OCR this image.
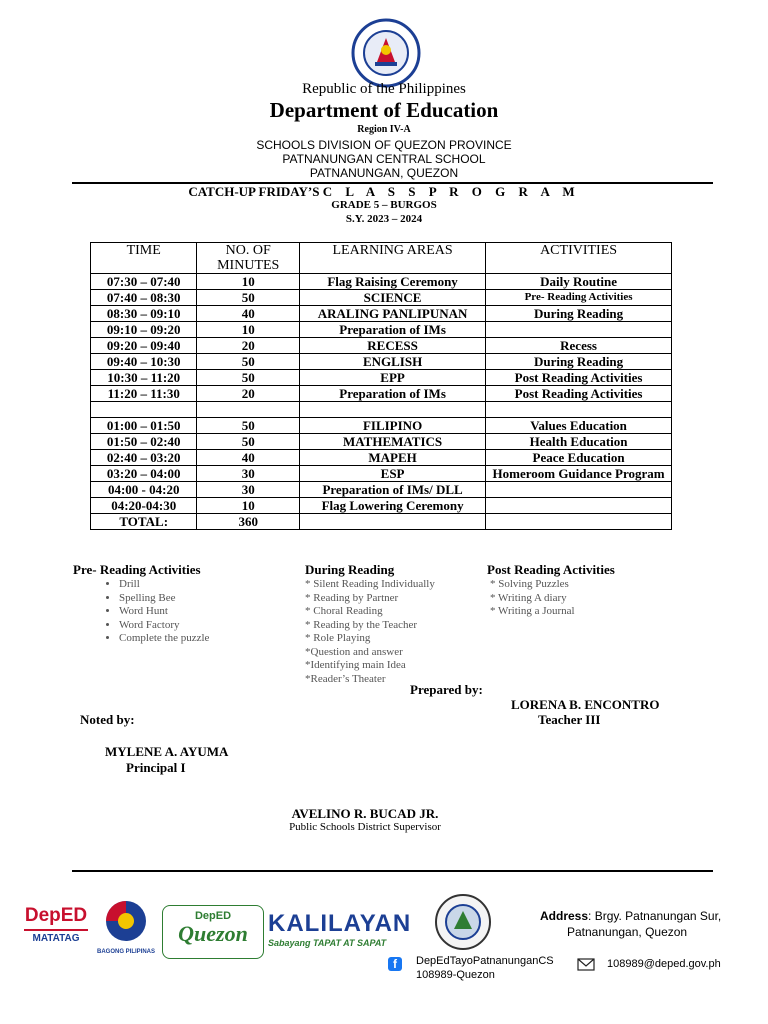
Republic of the Philippines
Department of Education
Region IV-A
SCHOOLS DIVISION OF QUEZON PROVINCE
PATNANUNGAN CENTRAL SCHOOL
PATNANUNGAN, QUEZON
CATCH-UP FRIDAY’S C L A S S P R O G R A M
GRADE 5 – BURGOS
S.Y. 2023 – 2024
TIME	NO. OF MINUTES	LEARNING AREAS	ACTIVITIES
07:30 – 07:40	10	Flag Raising Ceremony	Daily Routine
07:40 – 08:30	50	SCIENCE	Pre- Reading Activities
08:30 – 09:10	40	ARALING PANLIPUNAN	During Reading
09:10 – 09:20	10	Preparation of IMs	
09:20 – 09:40	20	RECESS	Recess
09:40 – 10:30	50	ENGLISH	During Reading
10:30 – 11:20	50	EPP	Post Reading Activities
11:20 – 11:30	20	Preparation of IMs	Post Reading Activities

01:00 – 01:50	50	FILIPINO	Values Education
01:50 – 02:40	50	MATHEMATICS	Health Education
02:40 – 03:20	40	MAPEH	Peace Education
03:20 – 04:00	30	ESP	Homeroom Guidance Program
04:00 - 04:20	30	Preparation of IMs/ DLL	
04:20-04:30	10	Flag Lowering Ceremony	
TOTAL:	360		
Pre- Reading Activities
• Drill
• Spelling Bee
• Word Hunt
• Word Factory
• Complete the puzzle
During Reading
* Silent Reading Individually
* Reading by Partner
* Choral Reading
* Reading by the Teacher
* Role Playing
*Question and answer
*Identifying main Idea
*Reader’s Theater
Post Reading Activities
* Solving Puzzles
* Writing A diary
* Writing a Journal
Prepared by:
LORENA B. ENCONTRO
Teacher III
Noted by:
MYLENE A. AYUMA
Principal I
AVELINO R. BUCAD JR.
Public Schools District Supervisor
DepED
MATATAG
BAGONG PILIPINAS
DepED
Quezon KALILAYAN
Sabayang TAPAT AT SAPAT
Address: Brgy. Patnanungan Sur,
Patnanungan, Quezon
f	DepEdTayoPatnanunganCS
108989-Quezon
108989@deped.gov.ph
